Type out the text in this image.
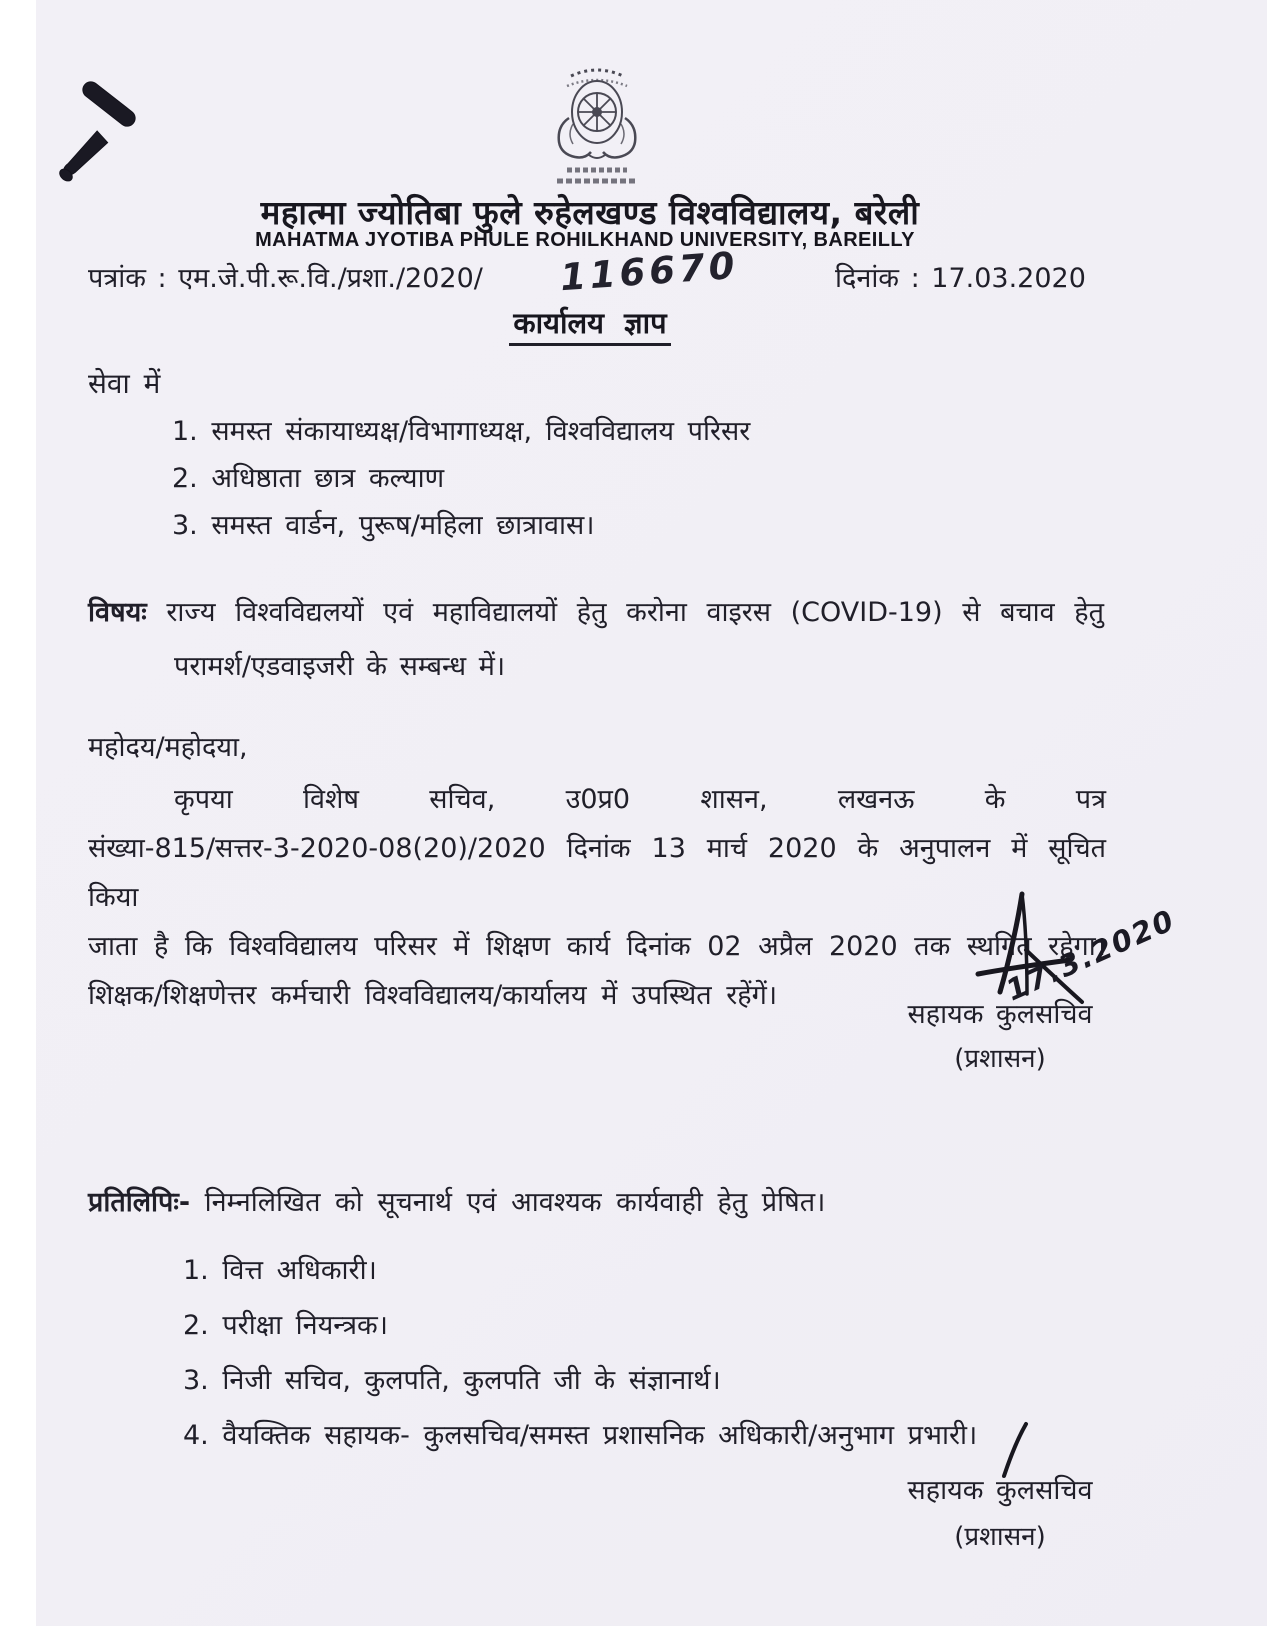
महात्मा ज्योतिबा फुले रुहेलखण्ड विश्वविद्यालय, बरेली
MAHATMA JYOTIBA PHULE ROHILKHAND UNIVERSITY, BAREILLY
पत्रांक : एम.जे.पी.रू.वि./प्रशा./2020/ 116670	दिनांक : 17.03.2020
कार्यालय ज्ञाप
सेवा में
1. समस्त संकायाध्यक्ष/विभागाध्यक्ष, विश्वविद्यालय परिसर
2. अधिष्ठाता छात्र कल्याण
3. समस्त वार्डन, पुरूष/महिला छात्रावास।
विषयः राज्य विश्वविद्यलयों एवं महाविद्यालयों हेतु करोना वाइरस (COVID-19) से बचाव हेतु
परामर्श/एडवाइजरी के सम्बन्ध में।
महोदय/महोदया,
कृपया विशेष सचिव, उ0प्र0 शासन, लखनऊ के पत्र
संख्या-815/सत्तर-3-2020-08(20)/2020 दिनांक 13 मार्च 2020 के अनुपालन में सूचित किया
जाता है कि विश्वविद्यालय परिसर में शिक्षण कार्य दिनांक 02 अप्रैल 2020 तक स्थगित रहेगा।
शिक्षक/शिक्षणेत्तर कर्मचारी विश्वविद्यालय/कार्यालय में उपस्थित रहेंगें।	17.3.2020
सहायक कुलसचिव
(प्रशासन)
प्रतिलिपिः- निम्नलिखित को सूचनार्थ एवं आवश्यक कार्यवाही हेतु प्रेषित।
1. वित्त अधिकारी।
2. परीक्षा नियन्त्रक।
3. निजी सचिव, कुलपति, कुलपति जी के संज्ञानार्थ।
4. वैयक्तिक सहायक- कुलसचिव/समस्त प्रशासनिक अधिकारी/अनुभाग प्रभारी।
सहायक कुलसचिव
(प्रशासन)
